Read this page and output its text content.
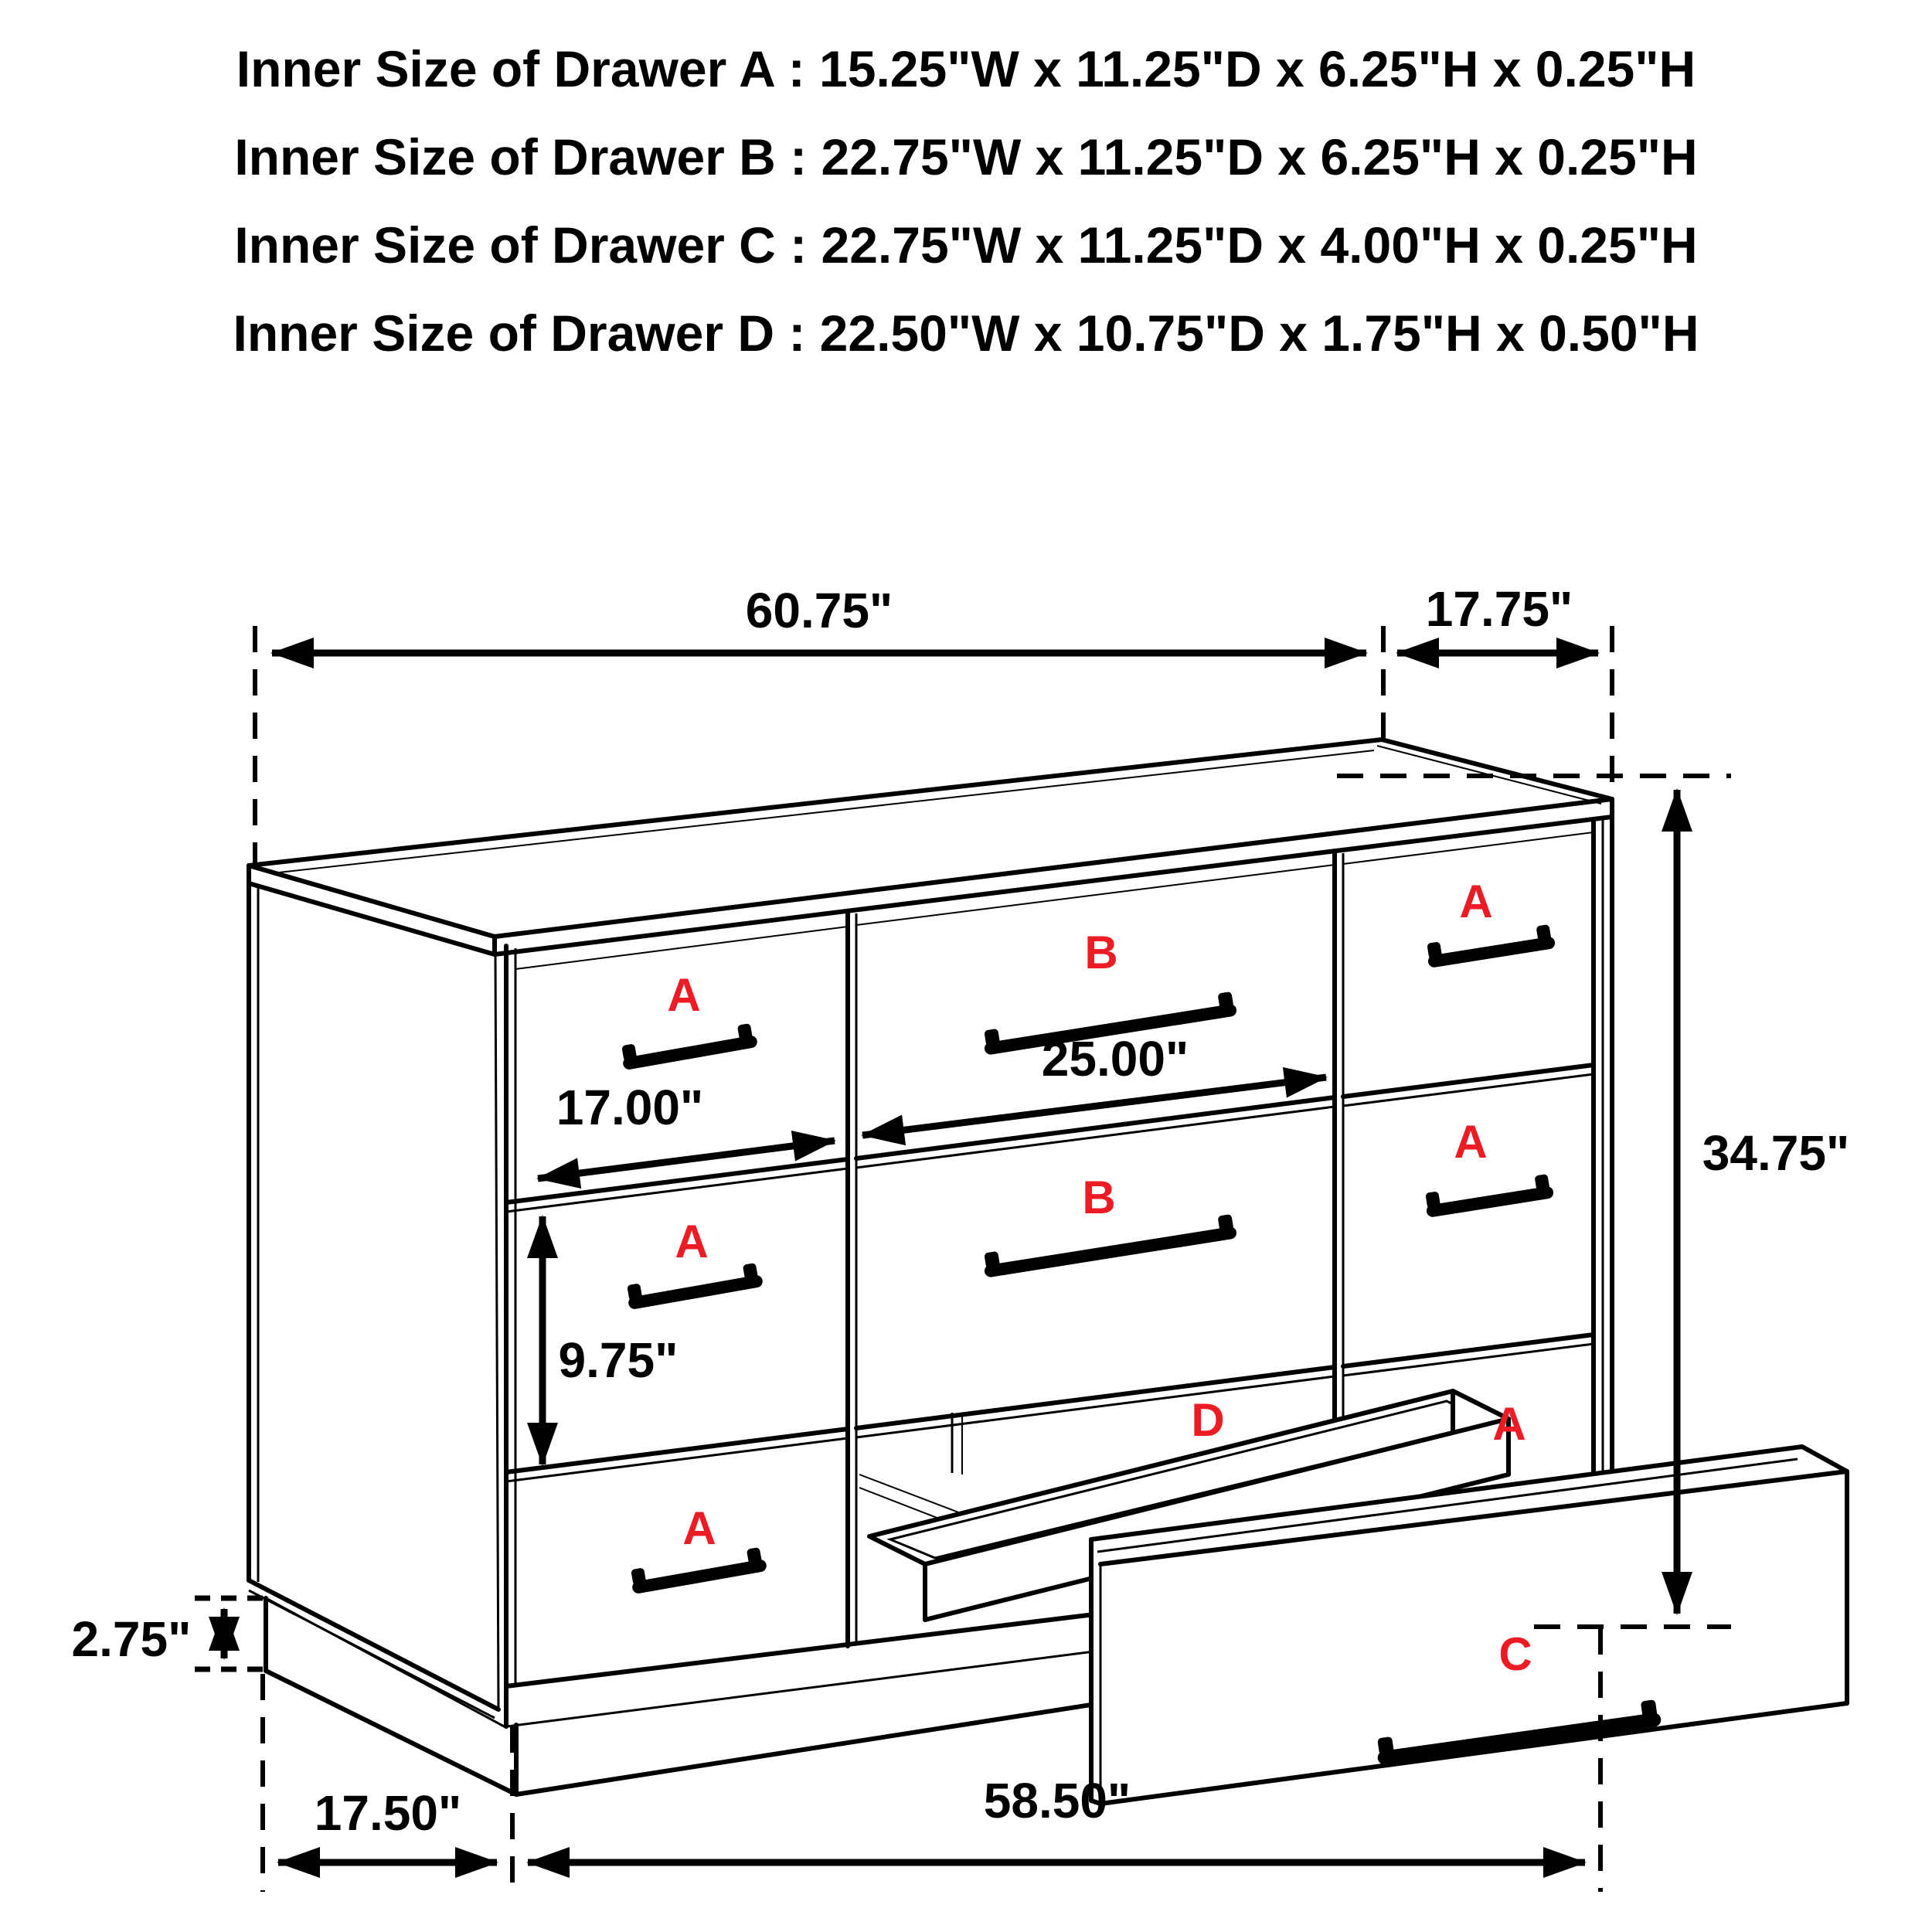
Inner Size of Drawer A : 15.25"W x 11.25"D x 6.25"H x 0.25"H
Inner Size of Drawer B : 22.75"W x 11.25"D x 6.25"H x 0.25"H
Inner Size of Drawer C : 22.75"W x 11.25"D x 4.00"H x 0.25"H
Inner Size of Drawer D : 22.50"W x 10.75"D x 1.75"H x 0.50"H
A
A
A
A
A
A
B
B
C
D
60.75"	17.75"
34.75"
17.00"
25.00"
9.75"
2.75"
17.50"	58.50"
